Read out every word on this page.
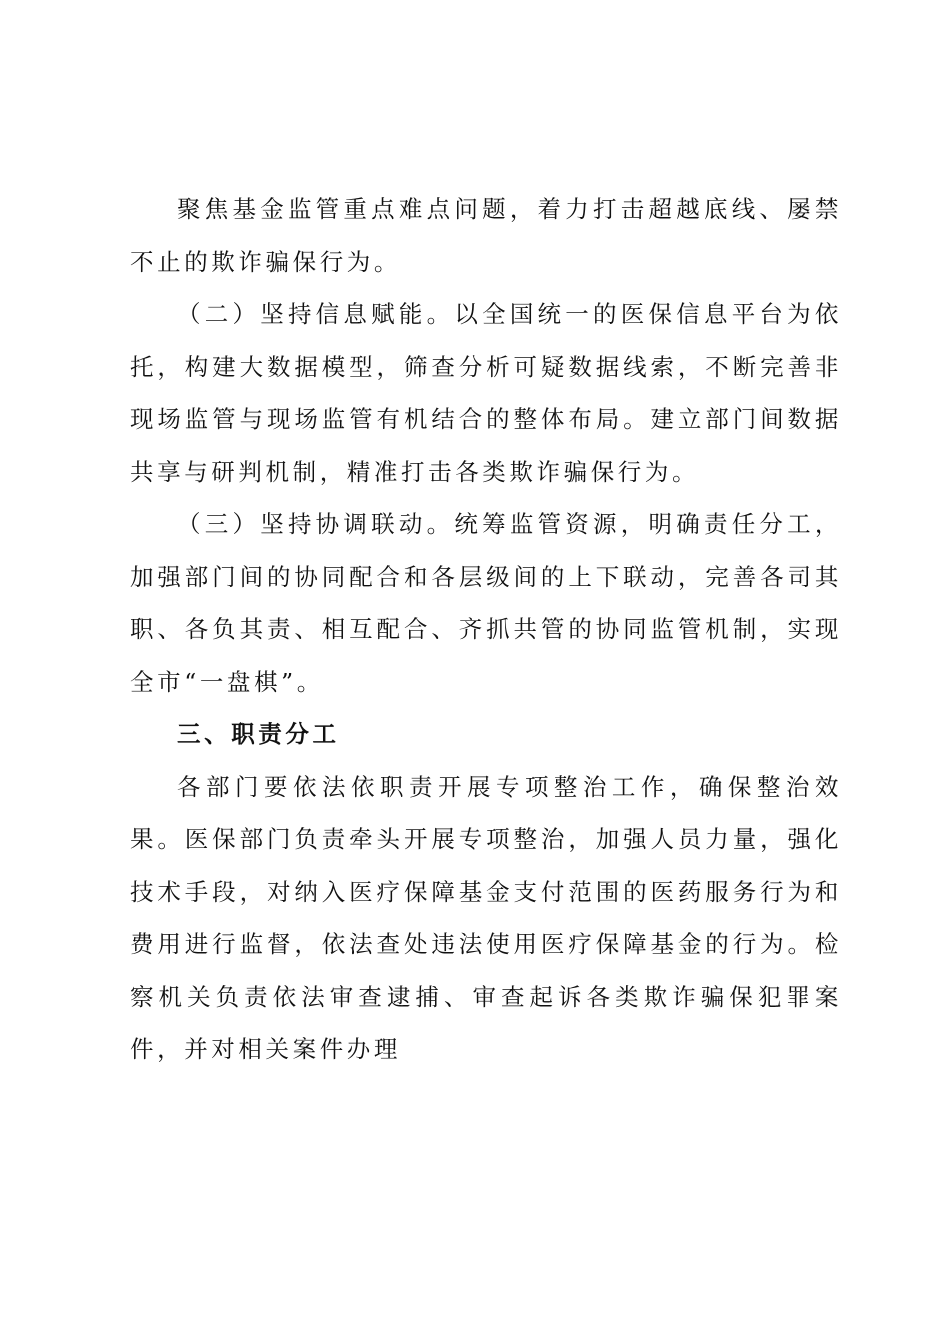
聚焦基金监管重点难点问题，着力打击超越底线、屡禁不止的欺诈骗保行为。

（二）坚持信息赋能。以全国统一的医保信息平台为依托，构建大数据模型，筛查分析可疑数据线索，不断完善非现场监管与现场监管有机结合的整体布局。建立部门间数据共享与研判机制，精准打击各类欺诈骗保行为。

（三）坚持协调联动。统筹监管资源，明确责任分工，加强部门间的协同配合和各层级间的上下联动，完善各司其职、各负其责、相互配合、齐抓共管的协同监管机制，实现全市“一盘棋”。

三、职责分工

各部门要依法依职责开展专项整治工作，确保整治效果。医保部门负责牵头开展专项整治，加强人员力量，强化技术手段，对纳入医疗保障基金支付范围的医药服务行为和费用进行监督，依法查处违法使用医疗保障基金的行为。检察机关负责依法审查逮捕、审查起诉各类欺诈骗保犯罪案件，并对相关案件办理
